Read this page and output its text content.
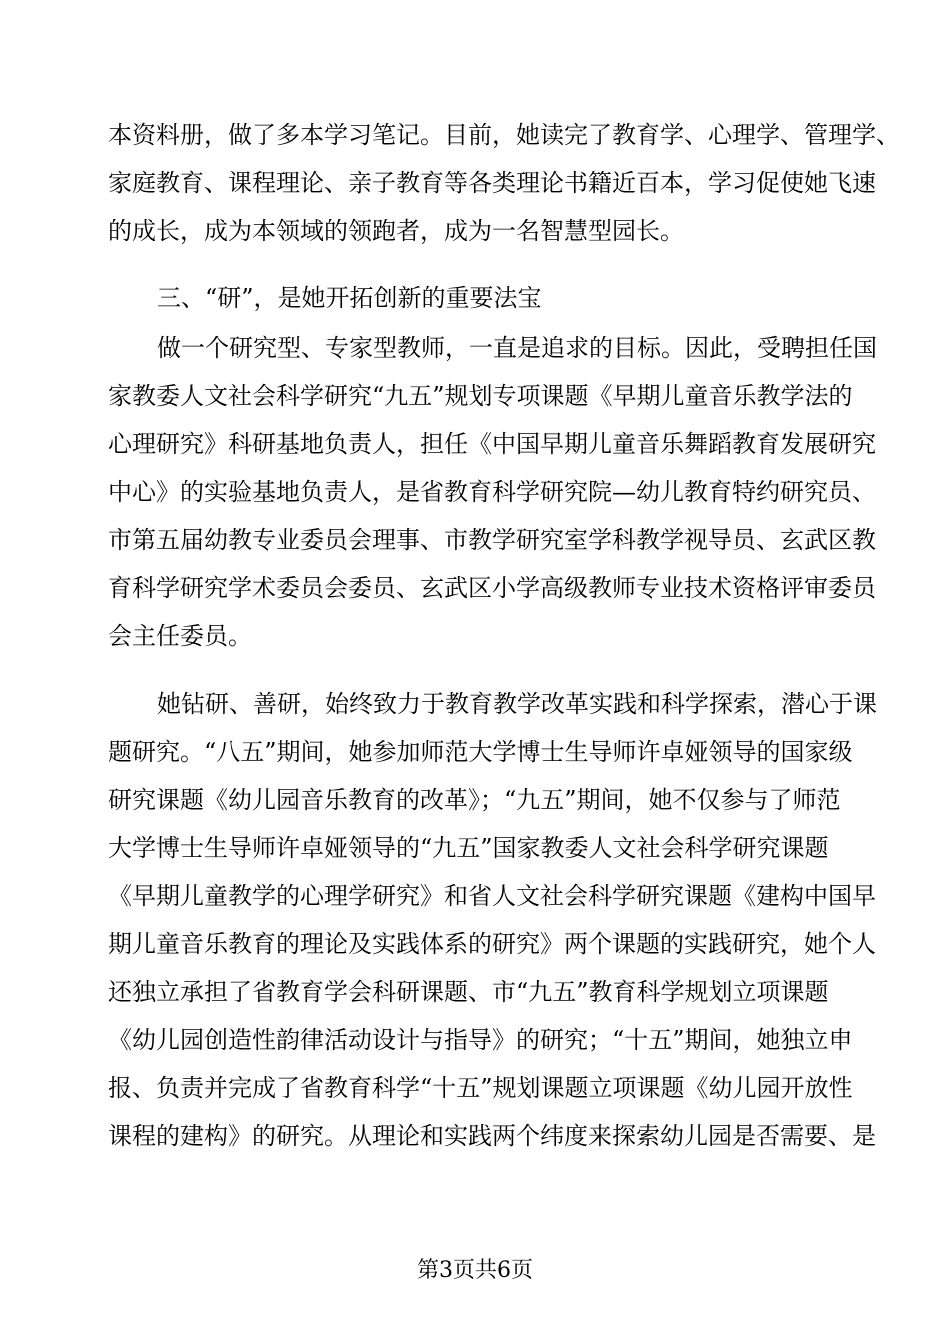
本资料册，做了多本学习笔记。目前，她读完了教育学、心理学、管理学、
家庭教育、课程理论、亲子教育等各类理论书籍近百本，学习促使她飞速
的成长，成为本领域的领跑者，成为一名智慧型园长。
三、“研”，是她开拓创新的重要法宝
做一个研究型、专家型教师，一直是追求的目标。因此，受聘担任国
家教委人文社会科学研究“九五”规划专项课题《早期儿童音乐教学法的
心理研究》科研基地负责人，担任《中国早期儿童音乐舞蹈教育发展研究
中心》的实验基地负责人，是省教育科学研究院—幼儿教育特约研究员、
市第五届幼教专业委员会理事、市教学研究室学科教学视导员、玄武区教
育科学研究学术委员会委员、玄武区小学高级教师专业技术资格评审委员
会主任委员。
她钻研、善研，始终致力于教育教学改革实践和科学探索，潜心于课
题研究。“八五”期间，她参加师范大学博士生导师许卓娅领导的国家级
研究课题《幼儿园音乐教育的改革》；“九五”期间，她不仅参与了师范
大学博士生导师许卓娅领导的“九五”国家教委人文社会科学研究课题
《早期儿童教学的心理学研究》和省人文社会科学研究课题《建构中国早
期儿童音乐教育的理论及实践体系的研究》两个课题的实践研究，她个人
还独立承担了省教育学会科研课题、市“九五”教育科学规划立项课题
《幼儿园创造性韵律活动设计与指导》的研究；“十五”期间，她独立申
报、负责并完成了省教育科学“十五”规划课题立项课题《幼儿园开放性
课程的建构》的研究。从理论和实践两个纬度来探索幼儿园是否需要、是
第3页共6页
